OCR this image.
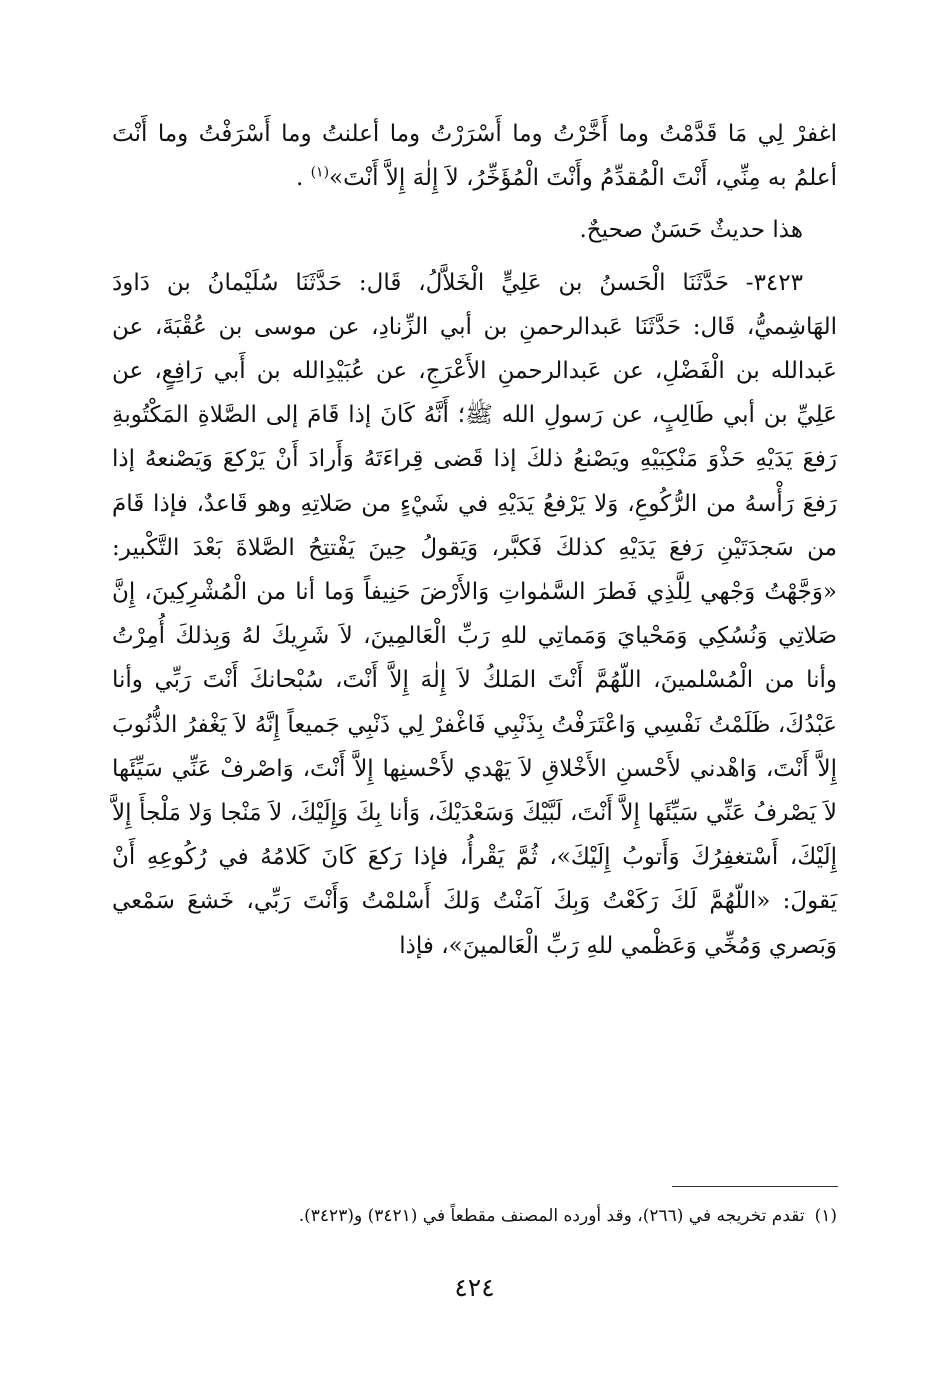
اغفرْ لِي مَا قَدَّمْتُ وما أَخَّرْتُ وما أَسْرَرْتُ وما أعلنتُ وما أَسْرَفْتُ وما أَنْتَ أعلمُ به مِنِّي، أَنْتَ الْمُقدِّمُ وأَنْتَ الْمُؤَخِّرُ، لاَ إِلٰهَ إِلاَّ أَنْتَ»$^{(١)}$ .

هذا حديثٌ حَسَنٌ صحيحٌ.

٣٤٢٣- حَدَّثَنَا الْحَسنُ بن عَلِيٍّ الْخَلاَّلُ، قَال: حَدَّثَنَا سُلَيْمانُ بن دَاودَ الهَاشِميُّ، قَال: حَدَّثَنَا عَبدالرحمنِ بن أبي الزِّنادِ، عن موسى بن عُقْبَةَ، عن عَبدالله بن الْفَضْلِ، عن عَبدالرحمنِ الأَعْرَجِ، عن عُبَيْدِالله بن أَبي رَافِعٍ، عن عَلِيِّ بن أبي طَالِبٍ، عن رَسولِ الله ﷺ؛ أَنَّهُ كَانَ إذا قَامَ إلى الصَّلاةِ المَكْتُوبةِ رَفعَ يَدَيْهِ حَذْوَ مَنْكِبَيْهِ ويَصْنعُ ذلكَ إذا قَضى قِراءَتَهُ وَأَرادَ أَنْ يَرْكعَ وَيَصْنعهُ إذا رَفعَ رَأْسهُ من الرُّكُوعِ، وَلا يَرْفعُ يَدَيْهِ في شَيْءٍ من صَلاتِهِ وهو قَاعدٌ، فإذا قَامَ من سَجدَتَيْنِ رَفعَ يَدَيْهِ كذلكَ فَكبَّر، وَيَقولُ حِينَ يَفْتتِحُ الصَّلاةَ بَعْدَ التَّكْبير: «وَجَّهْتُ وَجْهي لِلَّذِي فَطرَ السَّمٰواتِ وَالأَرْضَ حَنِيفاً وَما أنا من الْمُشْرِكِينَ، إِنَّ صَلاتِي وَنُسُكِي وَمَحْيايَ وَمَماتِي للهِ رَبِّ الْعَالمِينَ، لاَ شَرِيكَ لهُ وَبِذلكَ أُمِرْتُ وأنا من الْمُسْلمينَ، اللّهُمَّ أَنْتَ المَلكُ لاَ إِلٰهَ إِلاَّ أَنْتَ، سُبْحانكَ أَنْتَ رَبِّي وأنا عَبْدُكَ، ظَلَمْتُ نَفْسِي وَاعْتَرَفْتُ بِذَنْبِي فَاغْفرْ لِي ذَنْبِي جَميعاً إِنَّهُ لاَ يَغْفرُ الذُّنُوبَ إِلاَّ أَنْتَ، وَاهْدني لأَحْسنِ الأَخْلاقِ لاَ يَهْدي لأَحْسنِها إِلاَّ أَنْتَ، وَاصْرفْ عَنِّي سَيِّئَها لاَ يَصْرفُ عَنِّي سَيِّئَها إِلاَّ أَنْتَ، لَبَّيْكَ وَسَعْدَيْكَ، وَأنا بِكَ وَإِلَيْكَ، لاَ مَنْجا وَلا مَلْجأَ إِلاَّ إِلَيْكَ، أَسْتغفِرُكَ وَأَتوبُ إِلَيْكَ»، ثُمَّ يَقْرأُ، فإذا رَكعَ كَانَ كَلامُهُ في رُكُوعِهِ أَنْ يَقولَ: «اللّهُمَّ لَكَ رَكَعْتُ وَبِكَ آمَنْتُ وَلكَ أَسْلمْتُ وَأَنْتَ رَبِّي، خَشعَ سَمْعي وَبَصري وَمُخِّي وَعَظْمي للهِ رَبِّ الْعَالمينَ»، فإذا

(١)تقدم تخريجه في (٢٦٦)، وقد أورده المصنف مقطعاً في (٣٤٢١) و(٣٤٢٣).
٤٢٤
